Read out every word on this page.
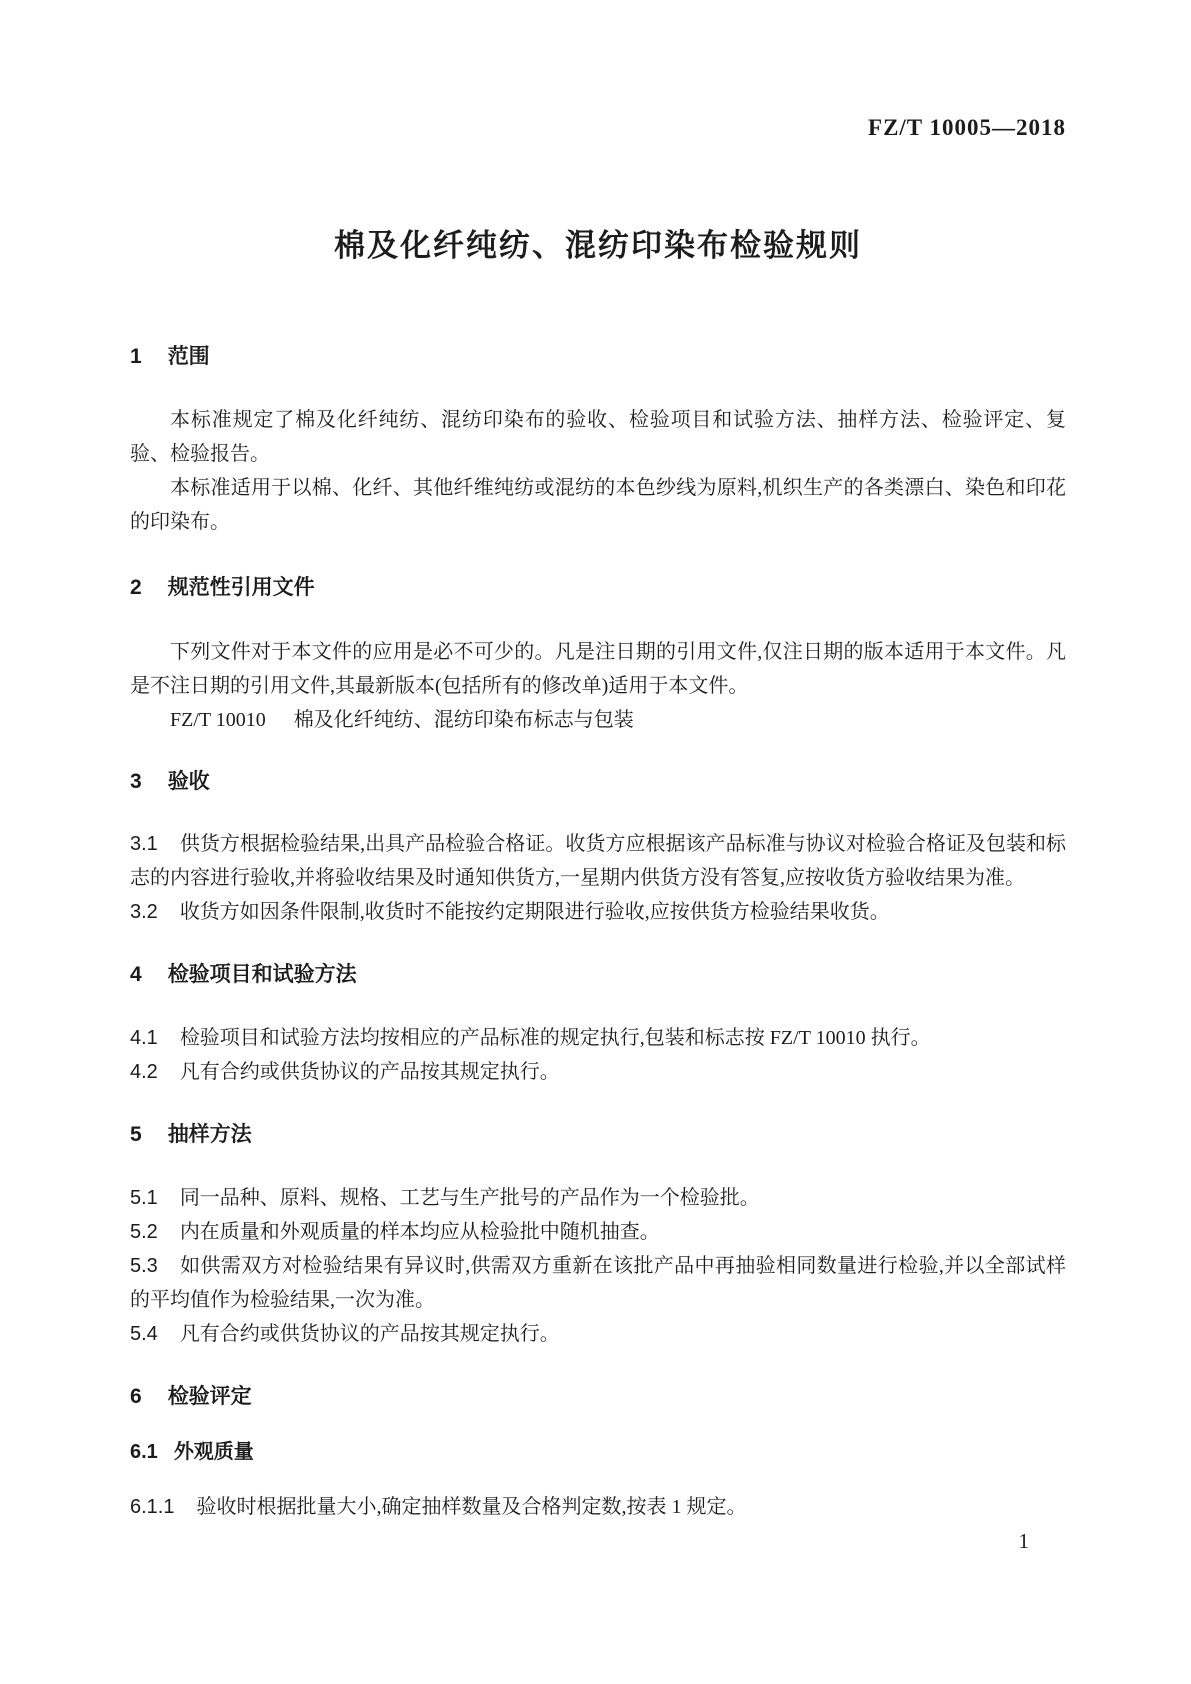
FZ/T 10005—2018
棉及化纤纯纺、混纺印染布检验规则
1 范围

本标准规定了棉及化纤纯纺、混纺印染布的验收、检验项目和试验方法、抽样方法、检验评定、复验、检验报告。

本标准适用于以棉、化纤、其他纤维纯纺或混纺的本色纱线为原料,机织生产的各类漂白、染色和印花的印染布。

2 规范性引用文件

下列文件对于本文件的应用是必不可少的。凡是注日期的引用文件,仅注日期的版本适用于本文件。凡是不注日期的引用文件,其最新版本(包括所有的修改单)适用于本文件。

FZ/T 10010 棉及化纤纯纺、混纺印染布标志与包装

3 验收

3.1 供货方根据检验结果,出具产品检验合格证。收货方应根据该产品标准与协议对检验合格证及包装和标志的内容进行验收,并将验收结果及时通知供货方,一星期内供货方没有答复,应按收货方验收结果为准。

3.2 收货方如因条件限制,收货时不能按约定期限进行验收,应按供货方检验结果收货。

4 检验项目和试验方法

4.1 检验项目和试验方法均按相应的产品标准的规定执行,包装和标志按 FZ/T 10010 执行。

4.2 凡有合约或供货协议的产品按其规定执行。

5 抽样方法

5.1 同一品种、原料、规格、工艺与生产批号的产品作为一个检验批。

5.2 内在质量和外观质量的样本均应从检验批中随机抽查。

5.3 如供需双方对检验结果有异议时,供需双方重新在该批产品中再抽验相同数量进行检验,并以全部试样的平均值作为检验结果,一次为准。

5.4 凡有合约或供货协议的产品按其规定执行。

6 检验评定
6.1 外观质量

6.1.1 验收时根据批量大小,确定抽样数量及合格判定数,按表 1 规定。

1
